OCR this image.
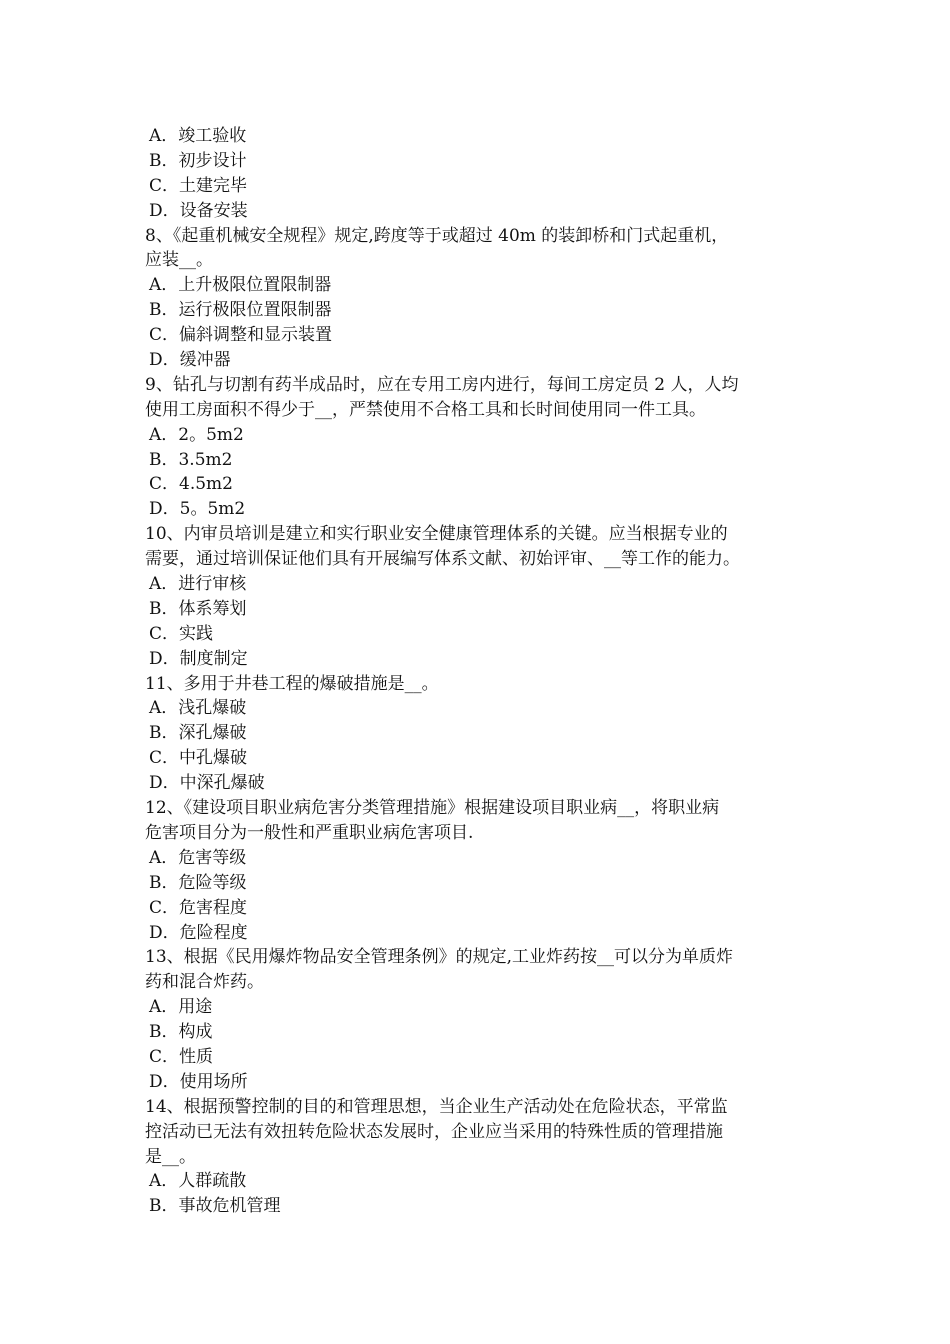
A．竣工验收
B．初步设计
C．土建完毕
D．设备安装
8、《起重机械安全规程》规定,跨度等于或超过 40m 的装卸桥和门式起重机，
应装__。
A．上升极限位置限制器
B．运行极限位置限制器
C．偏斜调整和显示装置
D．缓冲器
9、钻孔与切割有药半成品时，应在专用工房内进行，每间工房定员 2 人，人均
使用工房面积不得少于__，严禁使用不合格工具和长时间使用同一件工具。
A．2。5m2
B．3.5m2
C．4.5m2
D．5。5m2
10、内审员培训是建立和实行职业安全健康管理体系的关键。应当根据专业的
需要，通过培训保证他们具有开展编写体系文献、初始评审、__等工作的能力。
A．进行审核
B．体系筹划
C．实践
D．制度制定
11、多用于井巷工程的爆破措施是__。
A．浅孔爆破
B．深孔爆破
C．中孔爆破
D．中深孔爆破
12、《建设项目职业病危害分类管理措施》根据建设项目职业病__，将职业病
危害项目分为一般性和严重职业病危害项目.
A．危害等级
B．危险等级
C．危害程度
D．危险程度
13、根据《民用爆炸物品安全管理条例》的规定,工业炸药按__可以分为单质炸
药和混合炸药。
A．用途
B．构成
C．性质
D．使用场所
14、根据预警控制的目的和管理思想，当企业生产活动处在危险状态，平常监
控活动已无法有效扭转危险状态发展时，企业应当采用的特殊性质的管理措施
是__。
A．人群疏散
B．事故危机管理
